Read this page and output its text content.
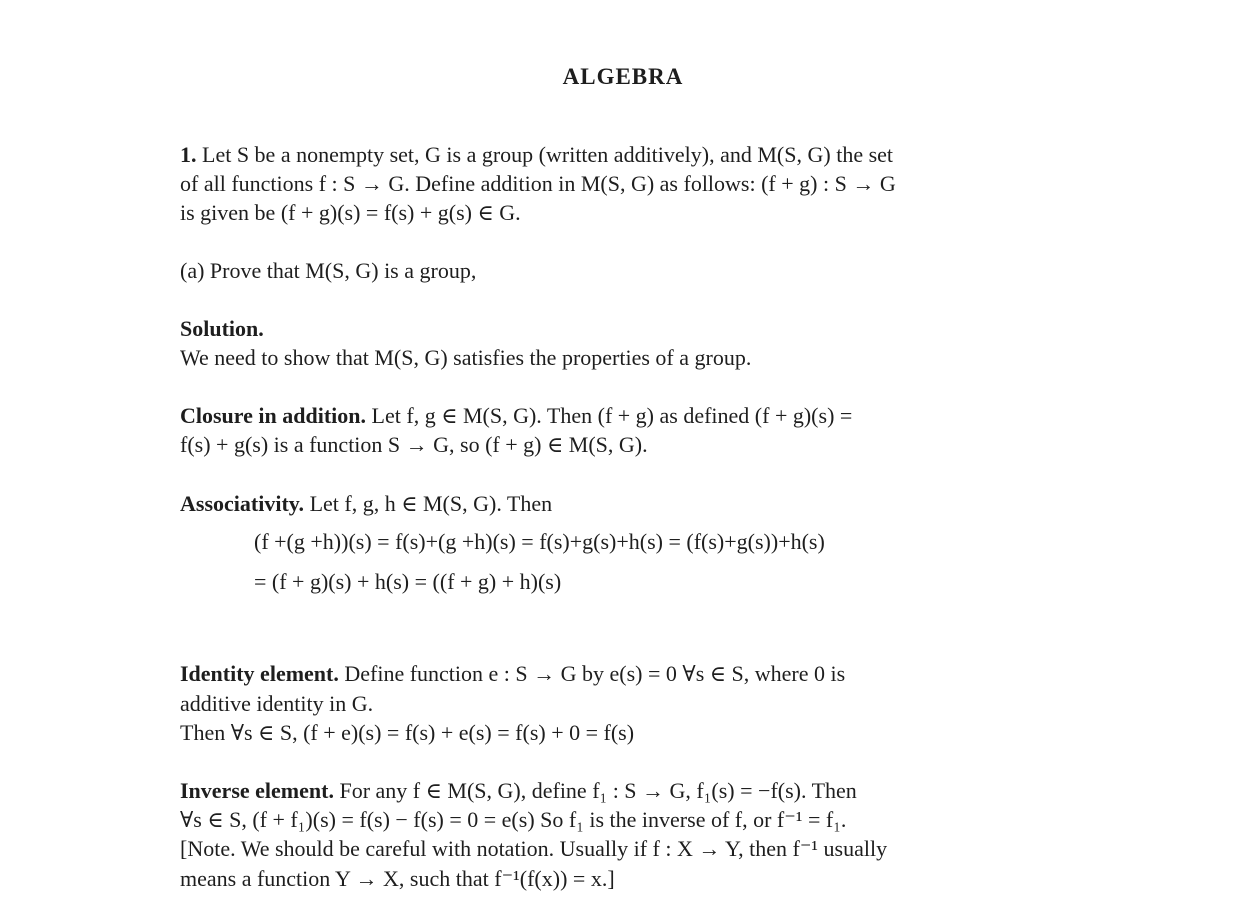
ALGEBRA
1. Let S be a nonempty set, G is a group (written additively), and M(S, G) the set
of all functions f : S → G. Define addition in M(S, G) as follows: (f + g) : S → G
is given be (f + g)(s) = f(s) + g(s) ∈ G.
(a) Prove that M(S, G) is a group,
Solution.
We need to show that M(S, G) satisfies the properties of a group.
Closure in addition. Let f, g ∈ M(S, G). Then (f + g) as defined (f + g)(s) =
f(s) + g(s) is a function S → G, so (f + g) ∈ M(S, G).
Associativity. Let f, g, h ∈ M(S, G). Then
(f +(g +h))(s) = f(s)+(g +h)(s) = f(s)+g(s)+h(s) = (f(s)+g(s))+h(s)
= (f + g)(s) + h(s) = ((f + g) + h)(s)
Identity element. Define function e : S → G by e(s) = 0 ∀s ∈ S, where 0 is
additive identity in G.
Then ∀s ∈ S, (f + e)(s) = f(s) + e(s) = f(s) + 0 = f(s)
Inverse element. For any f ∈ M(S, G), define f₁ : S → G, f₁(s) = −f(s). Then
∀s ∈ S, (f + f₁)(s) = f(s) − f(s) = 0 = e(s) So f₁ is the inverse of f, or f⁻¹ = f₁.
[Note. We should be careful with notation. Usually if f : X → Y, then f⁻¹ usually
means a function Y → X, such that f⁻¹(f(x)) = x.]
